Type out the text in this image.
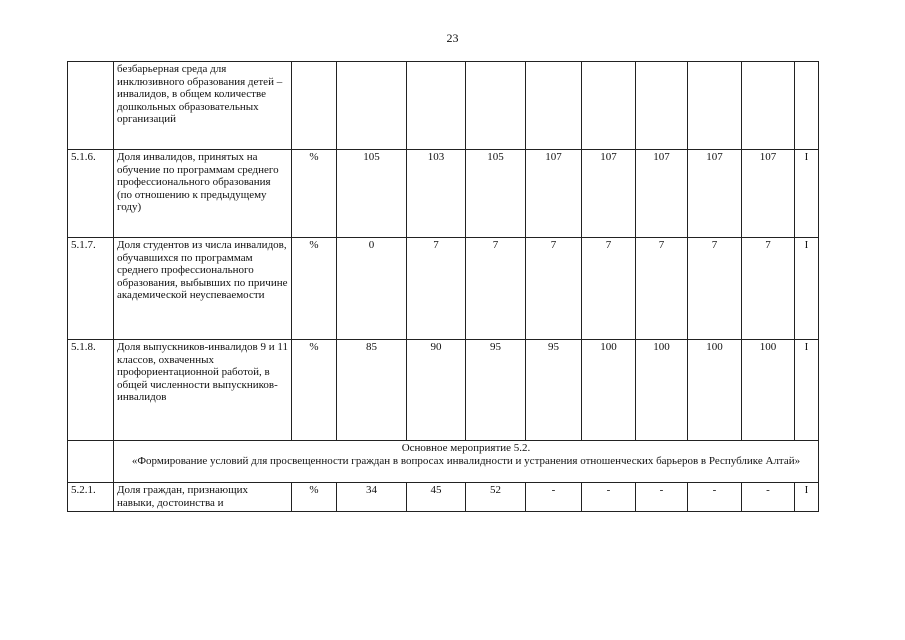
23
	безбарьерная среда для инклюзивного образования детей – инвалидов, в общем количестве дошкольных образовательных организаций										
5.1.6.	Доля инвалидов, принятых на обучение по программам среднего профессионального образования (по отношению к предыдущему году)	%	105	103	105	107	107	107	107	107	I
5.1.7.	Доля студентов из числа инвалидов, обучавшихся по программам среднего профессионального образования, выбывших по причине академической неуспеваемости	%	0	7	7	7	7	7	7	7	I
5.1.8.	Доля выпускников-инвалидов 9 и 11 классов, охваченных профориентационной работой, в общей численности выпускников-инвалидов	%	85	90	95	95	100	100	100	100	I

	Основное мероприятие 5.2.
«Формирование условий для просвещенности граждан в вопросах инвалидности и устранения отношенческих барьеров в Республике Алтай»										

5.2.1.	Доля граждан, признающих навыки, достоинства и	%	34	45	52	-	-	-	-	-	I
